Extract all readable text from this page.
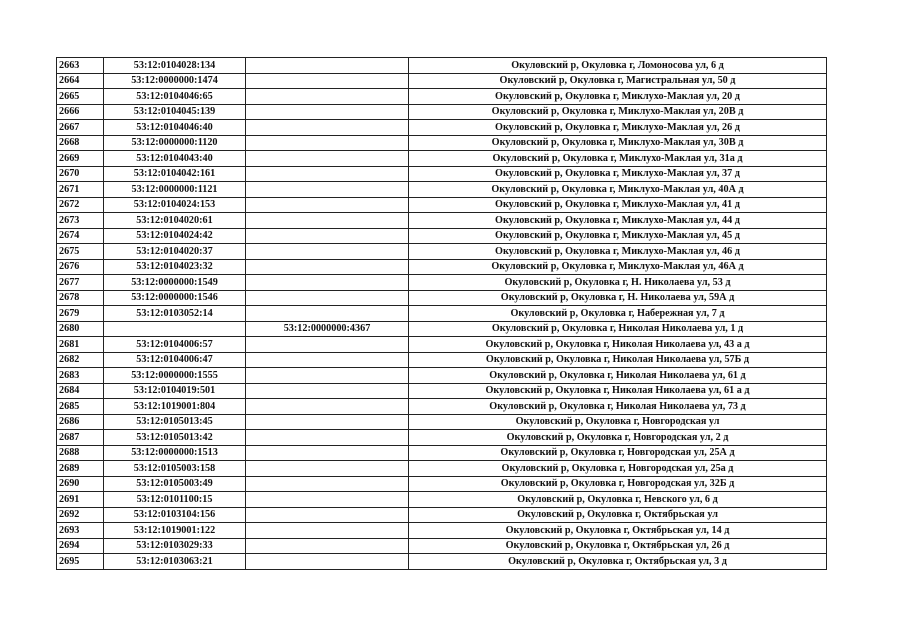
2663	53:12:0104028:134		Окуловский р, Окуловка г, Ломоносова ул, 6 д
2664	53:12:0000000:1474		Окуловский р, Окуловка г, Магистральная ул, 50 д
2665	53:12:0104046:65		Окуловский р, Окуловка г, Миклухо-Маклая ул, 20 д
2666	53:12:0104045:139		Окуловский р, Окуловка г, Миклухо-Маклая ул, 20В д
2667	53:12:0104046:40		Окуловский р, Окуловка г, Миклухо-Маклая ул, 26 д
2668	53:12:0000000:1120		Окуловский р, Окуловка г, Миклухо-Маклая ул, 30В д
2669	53:12:0104043:40		Окуловский р, Окуловка г, Миклухо-Маклая ул, 31а д
2670	53:12:0104042:161		Окуловский р, Окуловка г, Миклухо-Маклая ул, 37 д
2671	53:12:0000000:1121		Окуловский р, Окуловка г, Миклухо-Маклая ул, 40А д
2672	53:12:0104024:153		Окуловский р, Окуловка г, Миклухо-Маклая ул, 41 д
2673	53:12:0104020:61		Окуловский р, Окуловка г, Миклухо-Маклая ул, 44 д
2674	53:12:0104024:42		Окуловский р, Окуловка г, Миклухо-Маклая ул, 45 д
2675	53:12:0104020:37		Окуловский р, Окуловка г, Миклухо-Маклая ул, 46 д
2676	53:12:0104023:32		Окуловский р, Окуловка г, Миклухо-Маклая ул, 46А д
2677	53:12:0000000:1549		Окуловский р, Окуловка г, Н. Николаева ул, 53 д
2678	53:12:0000000:1546		Окуловский р, Окуловка г, Н. Николаева ул, 59А д
2679	53:12:0103052:14		Окуловский р, Окуловка г, Набережная ул, 7 д
2680		53:12:0000000:4367	Окуловский р, Окуловка г, Николая Николаева ул, 1 д
2681	53:12:0104006:57		Окуловский р, Окуловка г, Николая Николаева ул, 43 а д
2682	53:12:0104006:47		Окуловский р, Окуловка г, Николая Николаева ул, 57Б д
2683	53:12:0000000:1555		Окуловский р, Окуловка г, Николая Николаева ул, 61 д
2684	53:12:0104019:501		Окуловский р, Окуловка г, Николая Николаева ул, 61 а д
2685	53:12:1019001:804		Окуловский р, Окуловка г, Николая Николаева ул, 73 д
2686	53:12:0105013:45		Окуловский р, Окуловка г, Новгородская ул
2687	53:12:0105013:42		Окуловский р, Окуловка г, Новгородская ул, 2 д
2688	53:12:0000000:1513		Окуловский р, Окуловка г, Новгородская ул, 25А д
2689	53:12:0105003:158		Окуловский р, Окуловка г, Новгородская ул, 25а д
2690	53:12:0105003:49		Окуловский р, Окуловка г, Новгородская ул, 32Б д
2691	53:12:0101100:15		Окуловский р, Окуловка г, Невского ул, 6 д
2692	53:12:0103104:156		Окуловский р, Окуловка г, Октябрьская ул
2693	53:12:1019001:122		Окуловский р, Окуловка г, Октябрьская ул, 14 д
2694	53:12:0103029:33		Окуловский р, Окуловка г, Октябрьская ул, 26 д
2695	53:12:0103063:21		Окуловский р, Окуловка г, Октябрьская ул, 3 д
